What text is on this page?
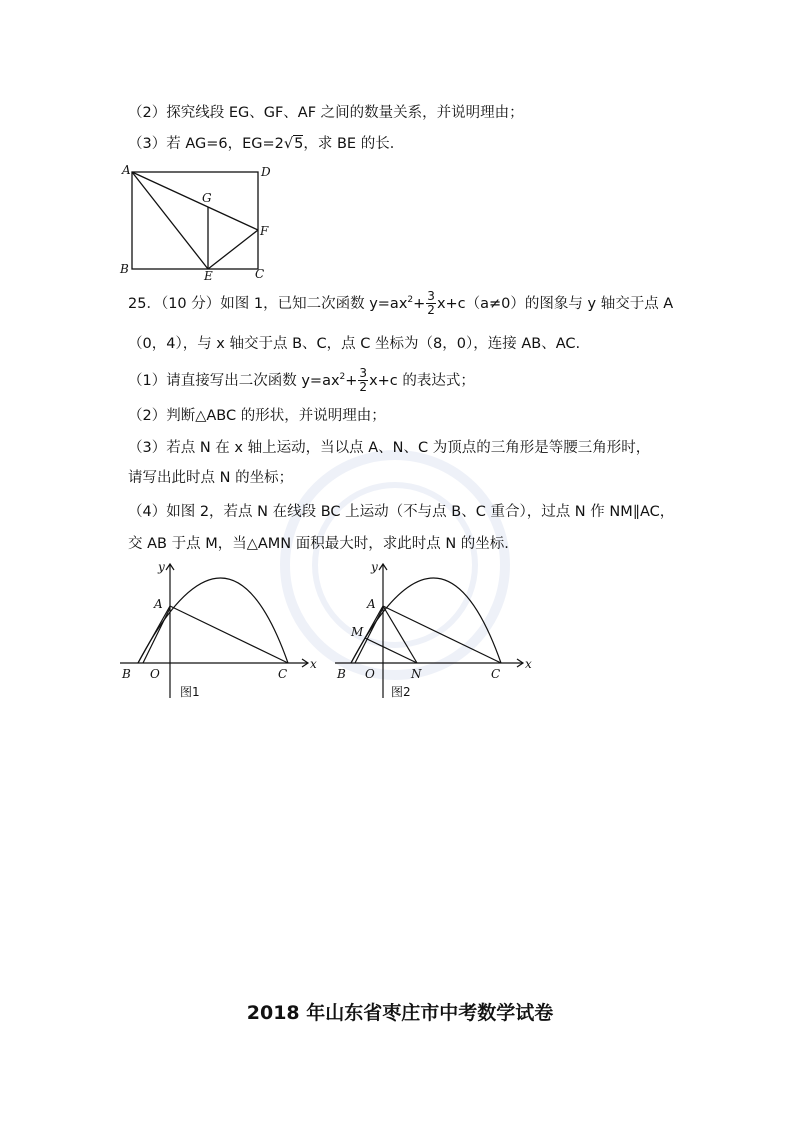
（2）探究线段 EG、GF、AF 之间的数量关系，并说明理由；
（3）若 AG=6，EG=2√5，求 BE 的长．
A	D
G
F
B	E	C
25．（10 分）如图 1，已知二次函数 $y=ax^2+ \frac{3}{2} x+c(a\ne 0)$的图象与 y 轴交于点 A
（0，4），与 x 轴交于点 B、C，点 C 坐标为（8，0），连接 AB、AC.
（1）请直接写出二次函数 $y=ax^2+ \frac{3}{2} x+c$ 的表达式；
（2）判断△ABC 的形状，并说明理由；
（3）若点 N 在 x 轴上运动，当以点 A、N、C 为顶点的三角形是等腰三角形时，
请写出此时点 N 的坐标；
（4）如图 2，若点 N 在线段 BC 上运动（不与点 B、C 重合），过点 N 作 NM∥AC，
交 AB 于点 M，当△AMN 面积最大时，求此时点 N 的坐标.
y
A
x
B O	C
图1
y
A
M
x
B O	N	C
图2
2018 年山东省枣庄市中考数学试卷
